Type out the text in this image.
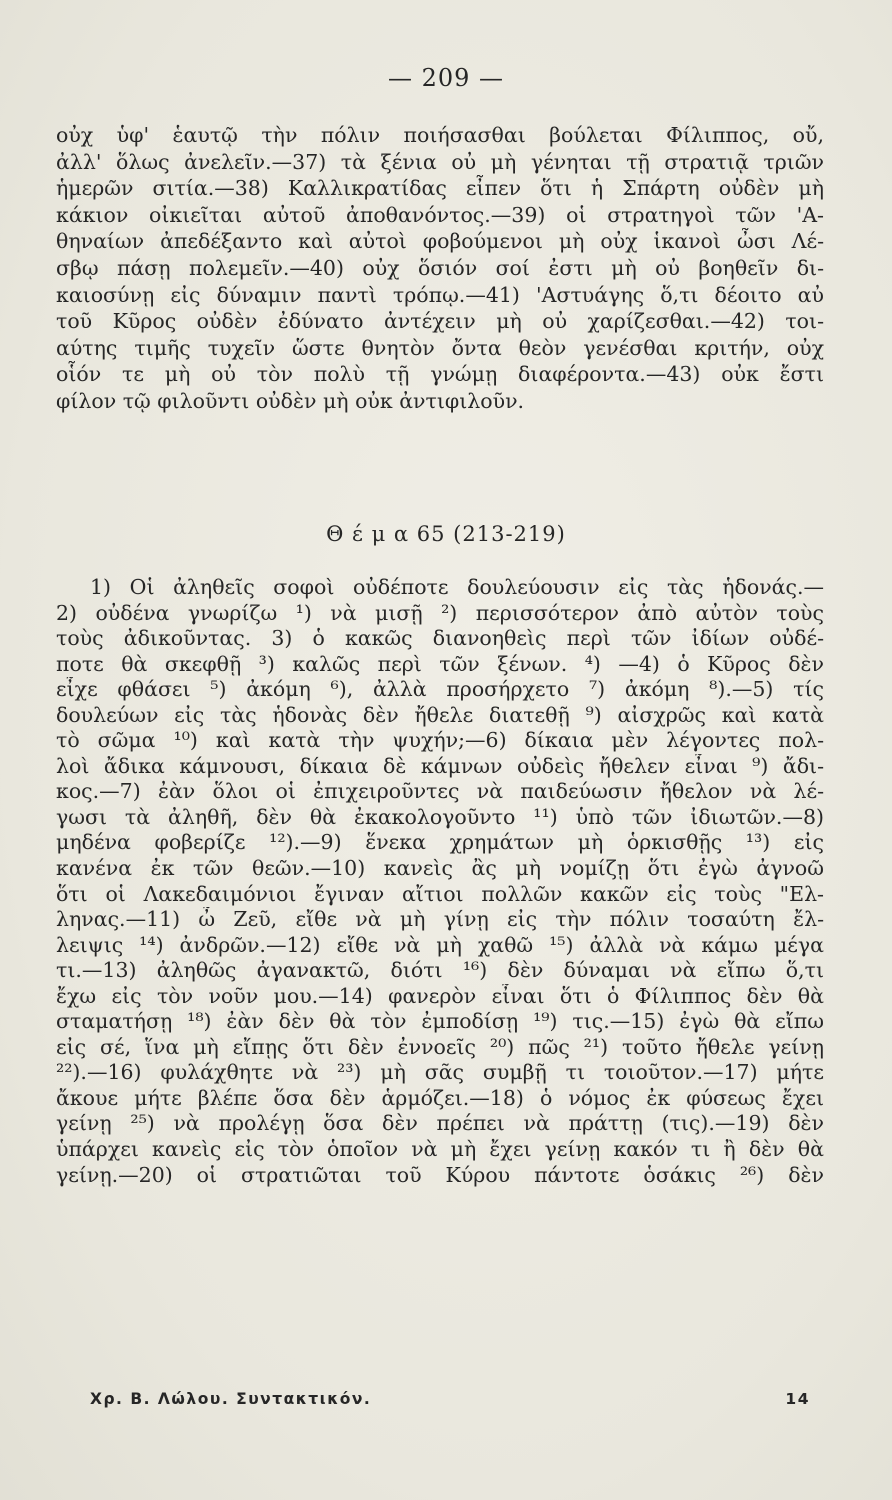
— 209 —
οὐχ ὑφ' ἑαυτῷ τὴν πόλιν ποιήσασθαι βούλεται Φίλιππος, οὔ,
ἀλλ' ὅλως ἀνελεῖν.—37) τὰ ξένια οὐ μὴ γένηται τῇ στρατιᾷ τριῶν
ἡμερῶν σιτία.—38) Καλλικρατίδας εἶπεν ὅτι ἡ Σπάρτη οὐδὲν μὴ
κάκιον οἰκιεῖται αὐτοῦ ἀποθανόντος.—39) οἱ στρατηγοὶ τῶν 'Α-
θηναίων ἀπεδέξαντο καὶ αὐτοὶ φοβούμενοι μὴ οὐχ ἱκανοὶ ὦσι Λέ-
σβῳ πάσῃ πολεμεῖν.—40) οὐχ ὅσιόν σοί ἐστι μὴ οὐ βοηθεῖν δι-
καιοσύνῃ εἰς δύναμιν παντὶ τρόπῳ.—41) 'Αστυάγης ὅ,τι δέοιτο αὐ
τοῦ Κῦρος οὐδὲν ἐδύνατο ἀντέχειν μὴ οὐ χαρίζεσθαι.—42) τοι-
αύτης τιμῆς τυχεῖν ὥστε θνητὸν ὄντα θεὸν γενέσθαι κριτήν, οὐχ
οἷόν τε μὴ οὐ τὸν πολὺ τῇ γνώμῃ διαφέροντα.—43) οὐκ ἔστι
φίλον τῷ φιλοῦντι οὐδὲν μὴ οὐκ ἀντιφιλοῦν.
Θ έ μ α 65 (213-219)
1) Οἱ ἀληθεῖς σοφοὶ οὐδέποτε δουλεύουσιν εἰς τὰς ἡδονάς.—
2) οὐδένα γνωρίζω ¹) νὰ μισῇ ²) περισσότερον ἀπὸ αὐτὸν τοὺς
τοὺς ἀδικοῦντας. 3) ὁ κακῶς διανοηθεὶς περὶ τῶν ἰδίων οὐδέ-
ποτε θὰ σκεφθῇ ³) καλῶς περὶ τῶν ξένων. ⁴) —4) ὁ Κῦρος δὲν
εἶχε φθάσει ⁵) ἀκόμη ⁶), ἀλλὰ προσήρχετο ⁷) ἀκόμη ⁸).—5) τίς
δουλεύων εἰς τὰς ἡδονὰς δὲν ἤθελε διατεθῇ ⁹) αἰσχρῶς καὶ κατὰ
τὸ σῶμα ¹⁰) καὶ κατὰ τὴν ψυχήν;—6) δίκαια μὲν λέγοντες πολ-
λοὶ ἄδικα κάμνουσι, δίκαια δὲ κάμνων οὐδεὶς ἤθελεν εἶναι ⁹) ἄδι-
κος.—7) ἐὰν ὅλοι οἱ ἐπιχειροῦντες νὰ παιδεύωσιν ἤθελον νὰ λέ-
γωσι τὰ ἀληθῆ, δὲν θὰ ἐκακολογοῦντο ¹¹) ὑπὸ τῶν ἰδιωτῶν.—8)
μηδένα φοβερίζε ¹²).—9) ἕνεκα χρημάτων μὴ ὁρκισθῇς ¹³) εἰς
κανένα ἐκ τῶν θεῶν.—10) κανεὶς ἂς μὴ νομίζῃ ὅτι ἐγὼ ἀγνοῶ
ὅτι οἱ Λακεδαιμόνιοι ἔγιναν αἴτιοι πολλῶν κακῶν εἰς τοὺς "Ελ-
ληνας.—11) ὦ Ζεῦ, εἴθε νὰ μὴ γίνῃ εἰς τὴν πόλιν τοσαύτη ἔλ-
λειψις ¹⁴) ἀνδρῶν.—12) εἴθε νὰ μὴ χαθῶ ¹⁵) ἀλλὰ νὰ κάμω μέγα
τι.—13) ἀληθῶς ἀγανακτῶ, διότι ¹⁶) δὲν δύναμαι νὰ εἴπω ὅ,τι
ἔχω εἰς τὸν νοῦν μου.—14) φανερὸν εἶναι ὅτι ὁ Φίλιππος δὲν θὰ
σταματήσῃ ¹⁸) ἐὰν δὲν θὰ τὸν ἐμποδίσῃ ¹⁹) τις.—15) ἐγὼ θὰ εἴπω
εἰς σέ, ἵνα μὴ εἴπῃς ὅτι δὲν ἐννοεῖς ²⁰) πῶς ²¹) τοῦτο ἤθελε γείνῃ
²²).—16) φυλάχθητε νὰ ²³) μὴ σᾶς συμβῇ τι τοιοῦτον.—17) μήτε
ἄκουε μήτε βλέπε ὅσα δὲν ἁρμόζει.—18) ὁ νόμος ἐκ φύσεως ἔχει
γείνῃ ²⁵) νὰ προλέγῃ ὅσα δὲν πρέπει νὰ πράττῃ (τις).—19) δὲν
ὑπάρχει κανεὶς εἰς τὸν ὁποῖον νὰ μὴ ἔχει γείνῃ κακόν τι ἢ δὲν θὰ
γείνῃ.—20) οἱ στρατιῶται τοῦ Κύρου πάντοτε ὁσάκις ²⁶) δὲν
Χρ. Β. Λώλου. Συντακτικόν.	14
